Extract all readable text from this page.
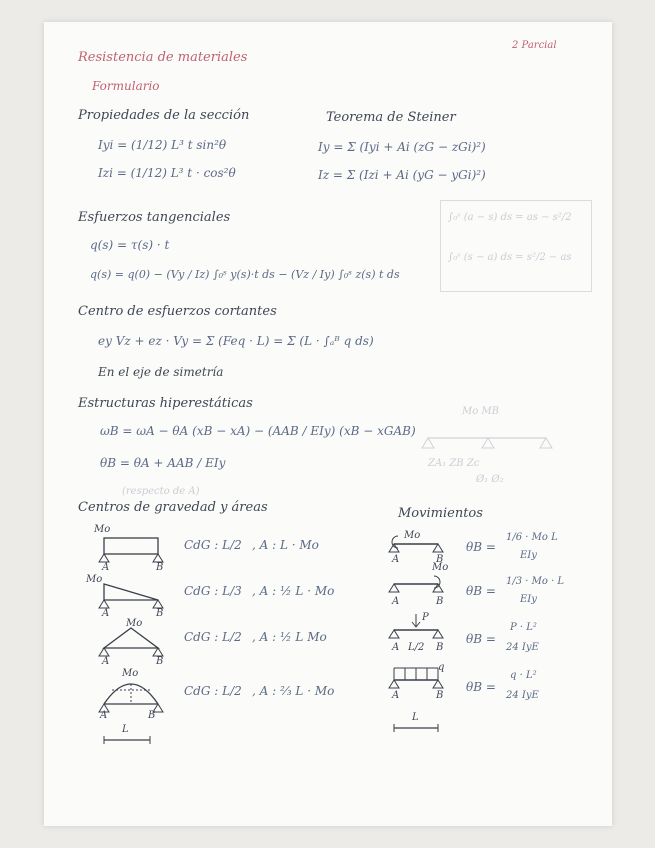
2 Parcial
Resistencia de materiales
Formulario
Propiedades de la sección
Iyi = (1/12) L³ t sin²θ
Izi = (1/12) L³ t · cos²θ
Teorema de Steiner
Iy = Σ (Iyi + Ai (zG − zGi)²)
Iz = Σ (Izi + Ai (yG − yGi)²)
Esfuerzos tangenciales
q(s) = τ(s) · t
q(s) = q(0) − (Vy / Iz) ∫₀ˢ y(s)·t ds − (Vz / Iy) ∫₀ˢ z(s) t ds
∫₀ˢ (a − s) ds = as − s²/2
∫₀ˢ (s − a) ds = s²/2 − as
Centro de esfuerzos cortantes
ey Vz + ez · Vy = Σ (Feq · L) = Σ (L · ∫ₐᴮ q ds)
En el eje de simetría
Estructuras hiperestáticas
ωB = ωA − θA (xB − xA) − (AAB / EIy) (xB − xGAB)
θB = θA + AAB / EIy
(respecto de A)
Mo MB
ZA₁ ZB Zc
Ø₁ Ø₂
Centros de gravedad y áreas
Mo
A	B
CdG : L/2 , A : L · Mo
Mo
A	B
CdG : L/3 , A : ½ L · Mo
Mo
A	B
CdG : L/2 , A : ½ L Mo
Mo
A	B
CdG : L/2 , A : ⅔ L · Mo
L
Movimientos
Mo
A	B
θB =
1/6 · Mo L
EIy
Mo
A	B
θB =
1/3 · Mo · L
EIy
P
A L/2 B
θB =
P · L²
24 IyE
q
A	B
θB =
q · L²
24 IyE
L
